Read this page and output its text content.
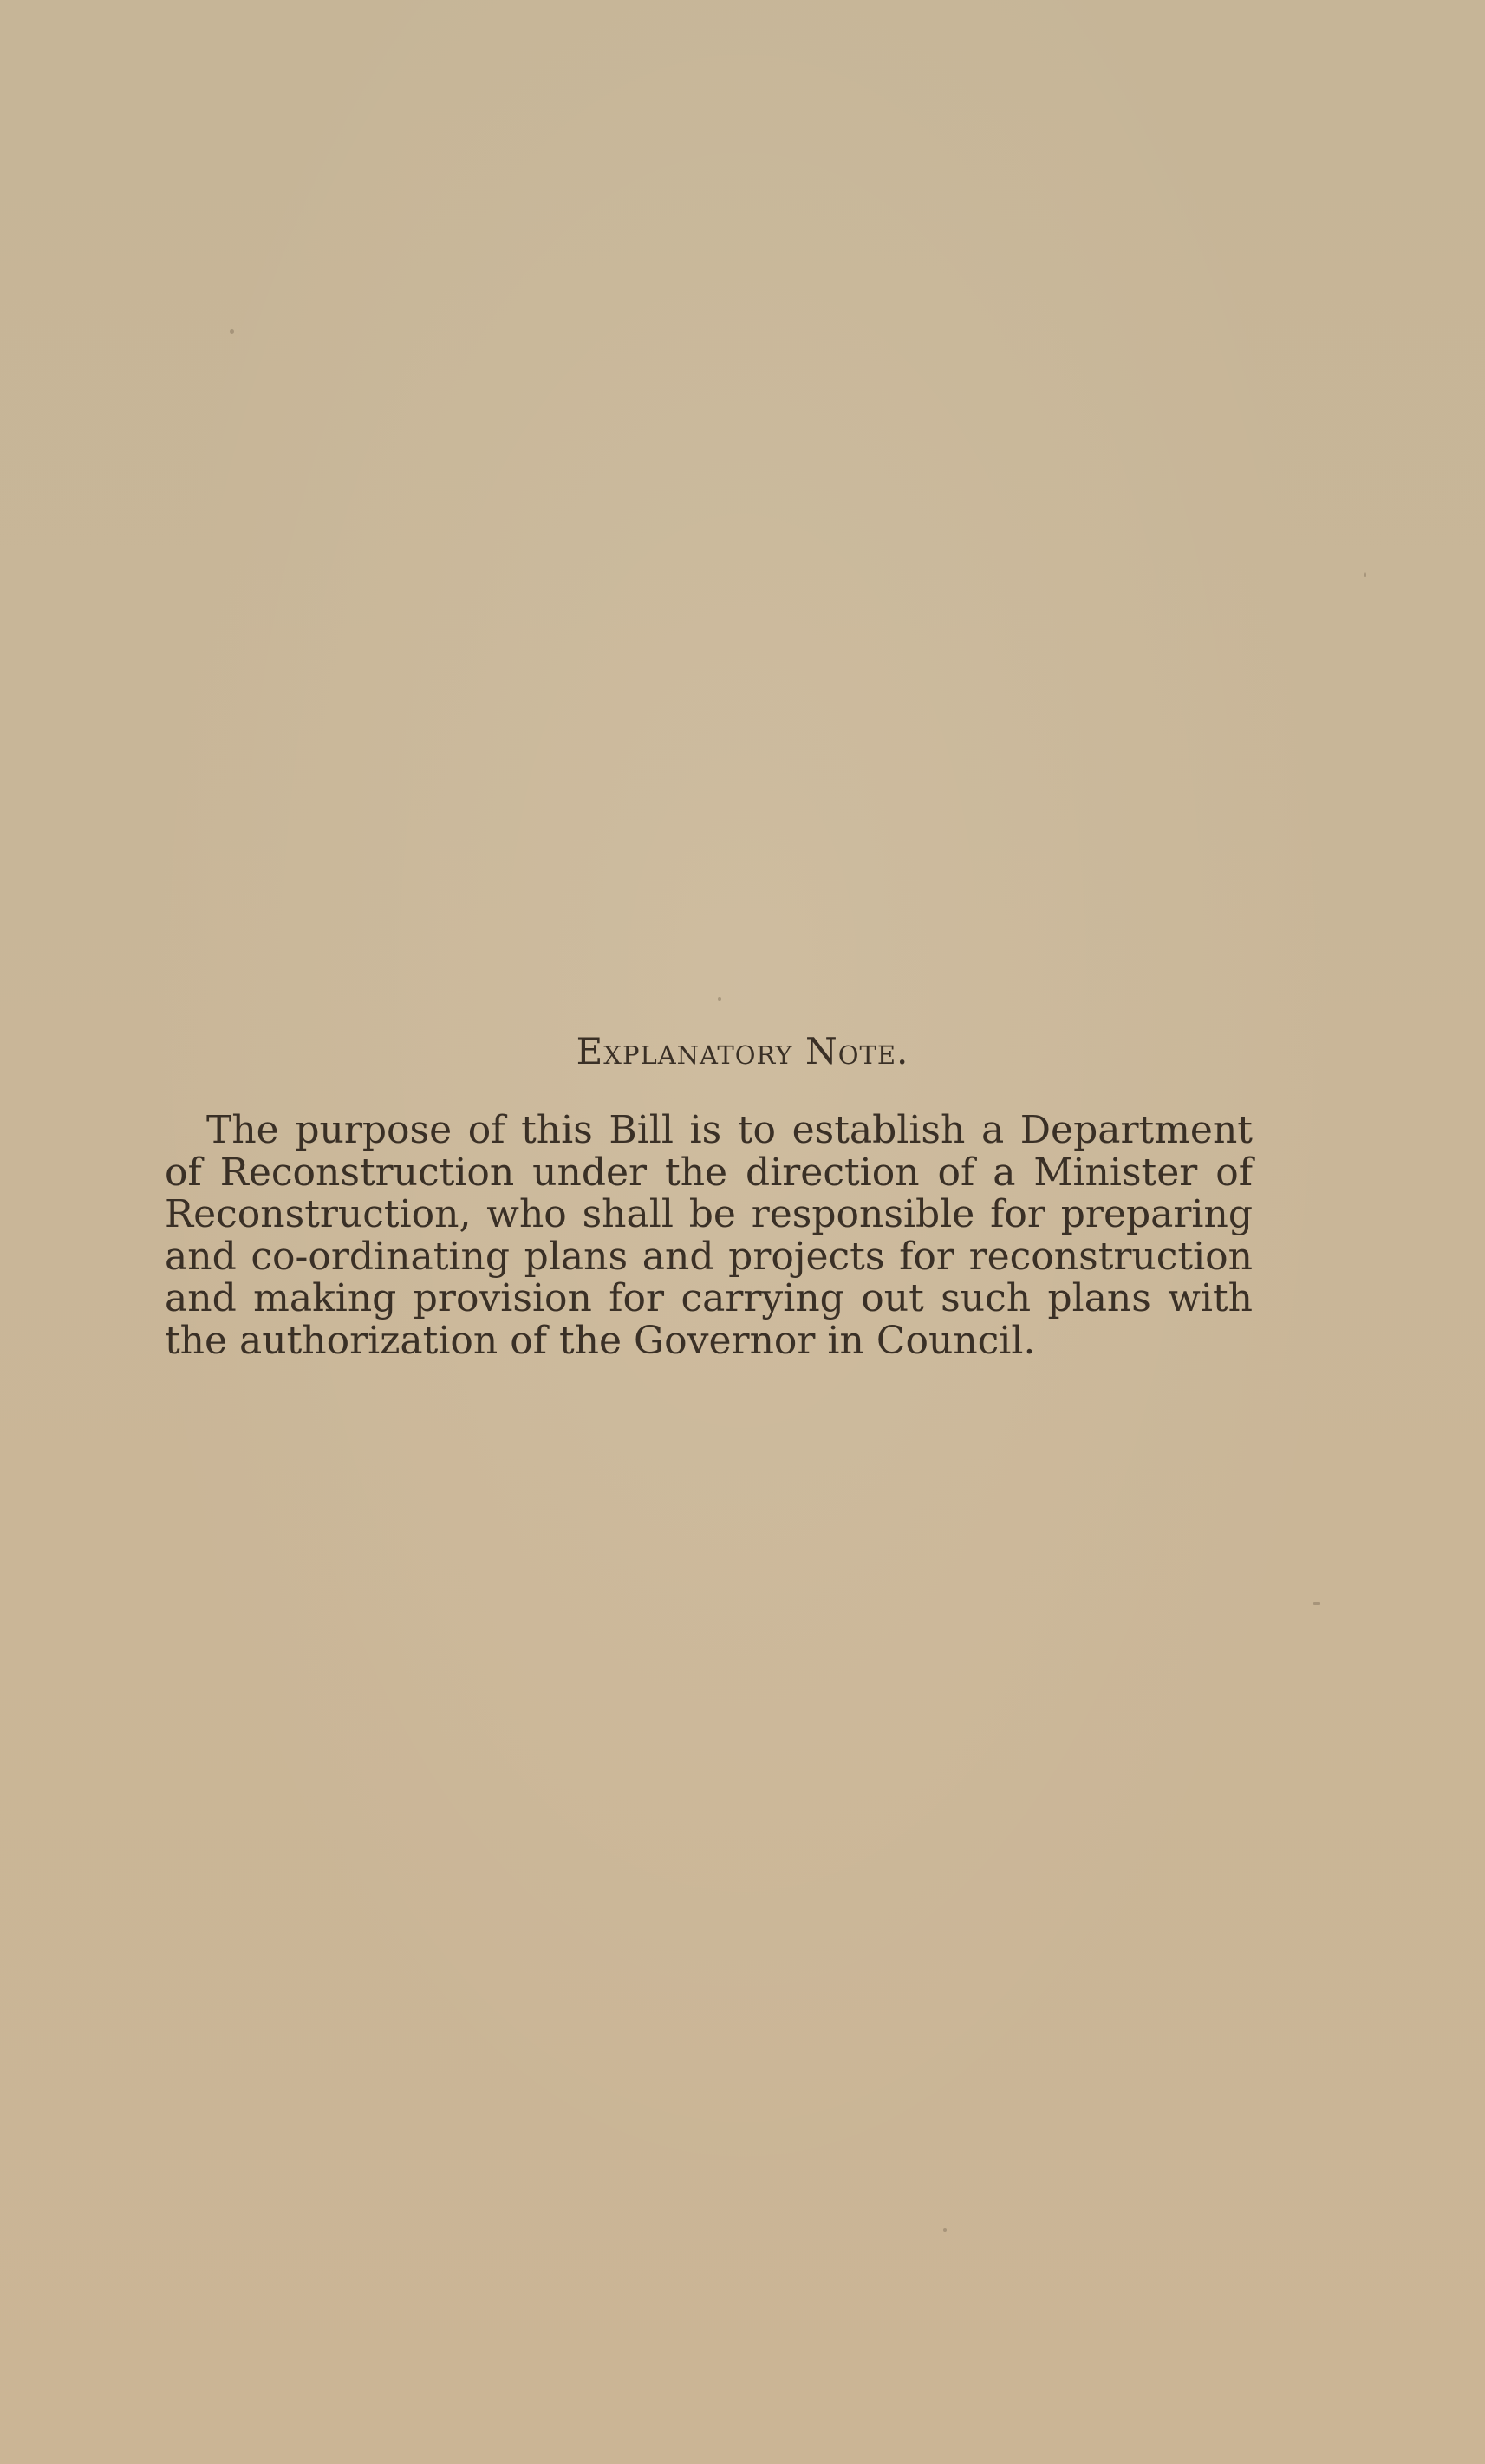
Explanatory Note.

The purpose of this Bill is to establish a Department of Reconstruction under the direction of a Minister of Reconstruction, who shall be responsible for preparing and co-ordinating plans and projects for reconstruction and making provision for carrying out such plans with the authorization of the Governor in Council.
